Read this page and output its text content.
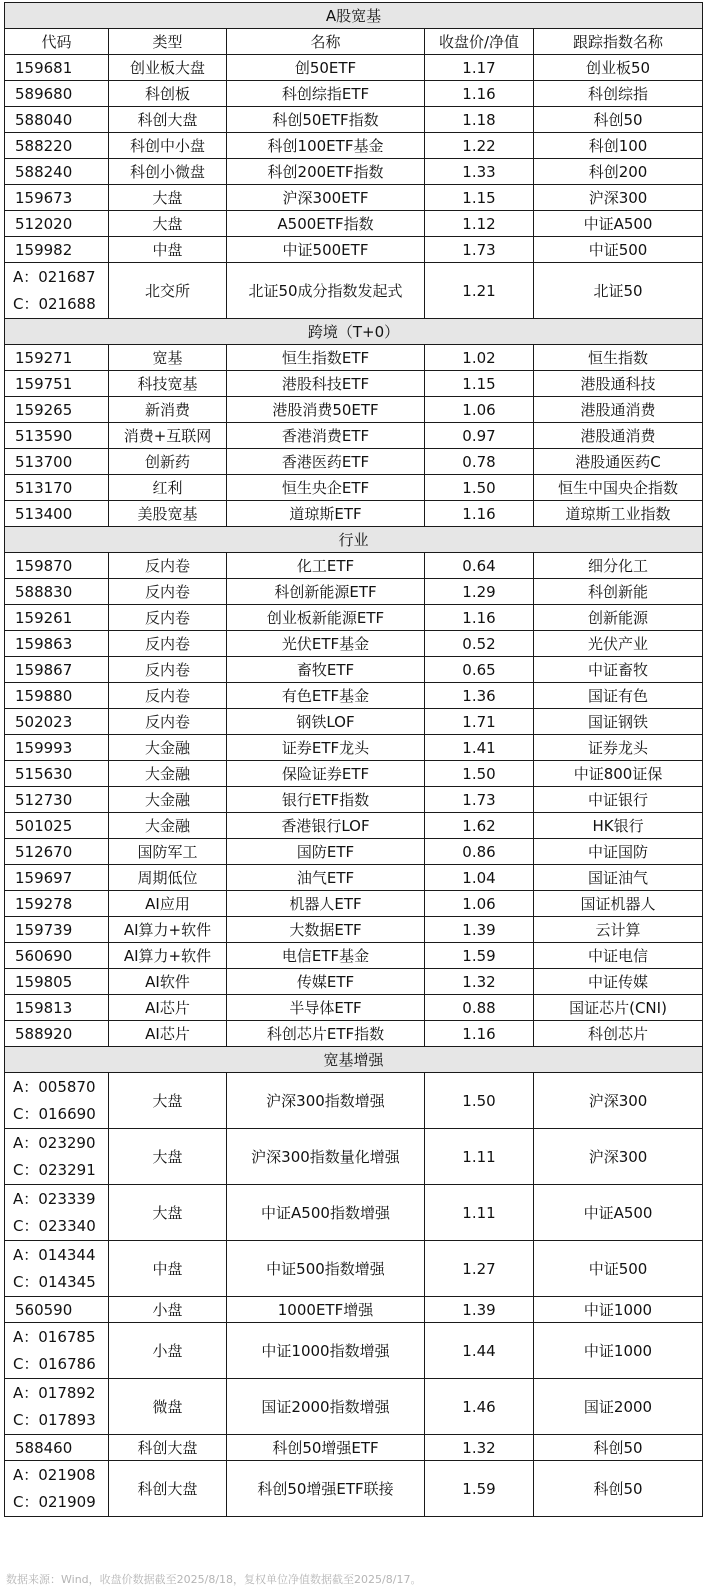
A股宽基				
代码	类型	名称	收盘价/净值	跟踪指数名称
159681	创业板大盘	创50ETF	1.17	创业板50
589680	科创板	科创综指ETF	1.16	科创综指
588040	科创大盘	科创50ETF指数	1.18	科创50
588220	科创中小盘	科创100ETF基金	1.22	科创100
588240	科创小微盘	科创200ETF指数	1.33	科创200
159673	大盘	沪深300ETF	1.15	沪深300
512020	大盘	A500ETF指数	1.12	中证A500
159982	中盘	中证500ETF	1.73	中证500

A：021687
C：021688	北交所	北证50成分指数发起式	1.21	北证50
跨境（T+0）				
159271	宽基	恒生指数ETF	1.02	恒生指数
159751	科技宽基	港股科技ETF	1.15	港股通科技
159265	新消费	港股消费50ETF	1.06	港股通消费
513590	消费+互联网	香港消费ETF	0.97	港股通消费
513700	创新药	香港医药ETF	0.78	港股通医药C
513170	红利	恒生央企ETF	1.50	恒生中国央企指数
513400	美股宽基	道琼斯ETF	1.16	道琼斯工业指数
行业				
159870	反内卷	化工ETF	0.64	细分化工
588830	反内卷	科创新能源ETF	1.29	科创新能
159261	反内卷	创业板新能源ETF	1.16	创新能源
159863	反内卷	光伏ETF基金	0.52	光伏产业
159867	反内卷	畜牧ETF	0.65	中证畜牧
159880	反内卷	有色ETF基金	1.36	国证有色
502023	反内卷	钢铁LOF	1.71	国证钢铁
159993	大金融	证券ETF龙头	1.41	证券龙头
515630	大金融	保险证券ETF	1.50	中证800证保
512730	大金融	银行ETF指数	1.73	中证银行
501025	大金融	香港银行LOF	1.62	HK银行
512670	国防军工	国防ETF	0.86	中证国防
159697	周期低位	油气ETF	1.04	国证油气
159278	AI应用	机器人ETF	1.06	国证机器人
159739	AI算力+软件	大数据ETF	1.39	云计算
560690	AI算力+软件	电信ETF基金	1.59	中证电信
159805	AI软件	传媒ETF	1.32	中证传媒
159813	AI芯片	半导体ETF	0.88	国证芯片(CNI)
588920	AI芯片	科创芯片ETF指数	1.16	科创芯片
宽基增强				

A：005870
C：016690	大盘	沪深300指数增强	1.50	沪深300

A：023290
C：023291	大盘	沪深300指数量化增强	1.11	沪深300

A：023339
C：023340	大盘	中证A500指数增强	1.11	中证A500

A：014344
C：014345	中盘	中证500指数增强	1.27	中证500
560590	小盘	1000ETF增强	1.39	中证1000

A：016785
C：016786	小盘	中证1000指数增强	1.44	中证1000

A：017892
C：017893	微盘	国证2000指数增强	1.46	国证2000
588460	科创大盘	科创50增强ETF	1.32	科创50

A：021908
C：021909	科创大盘	科创50增强ETF联接	1.59	科创50
数据来源：Wind，收盘价数据截至2025/8/18，复权单位净值数据截至2025/8/17。
